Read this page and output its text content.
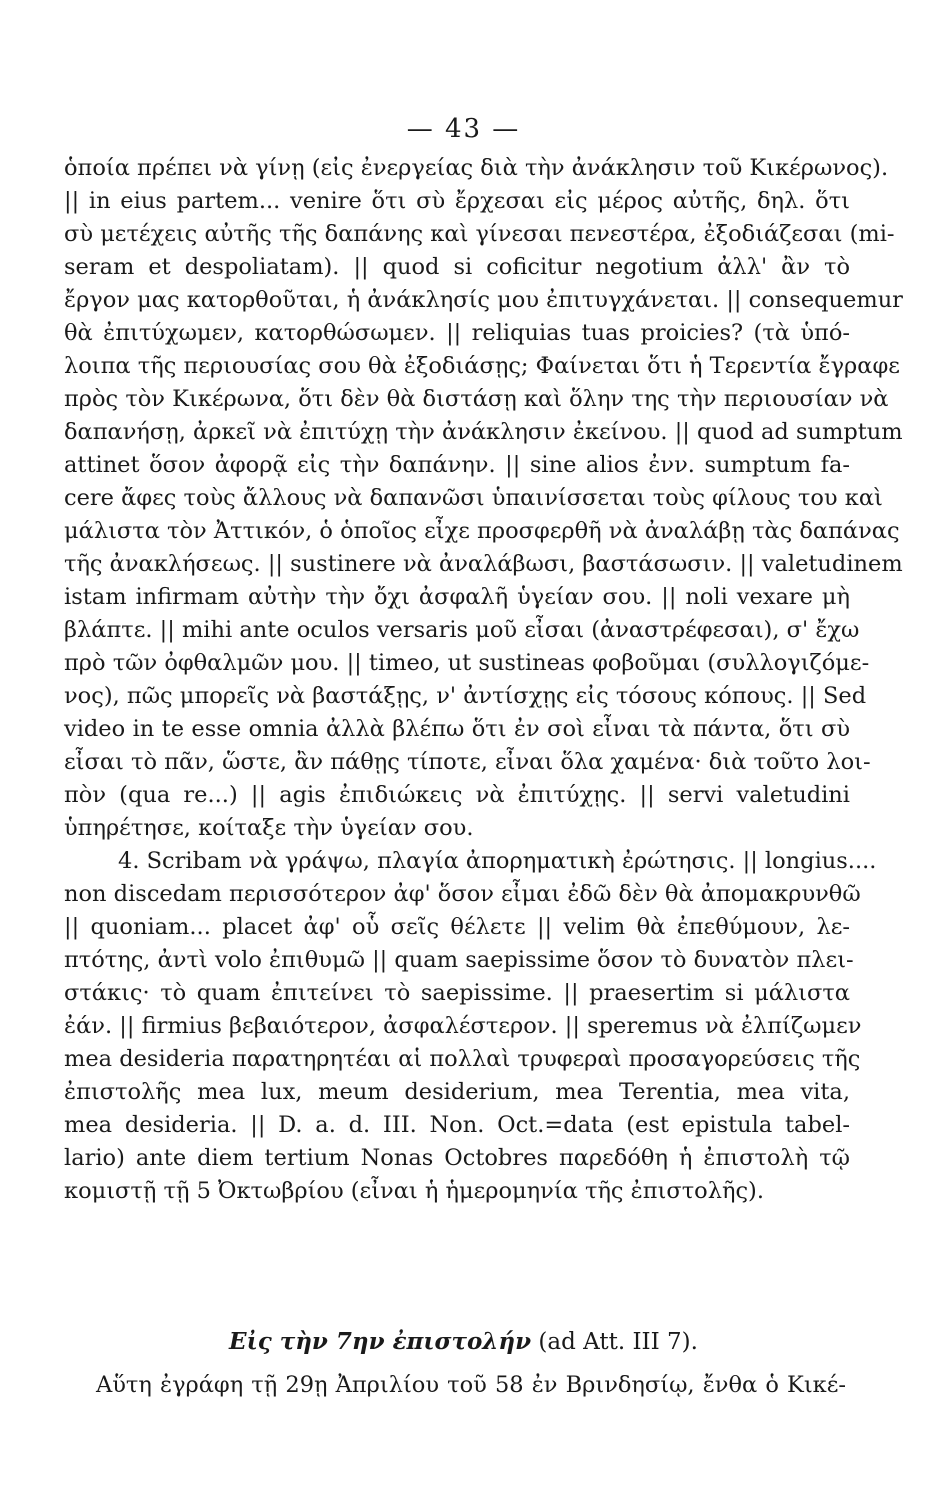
— 43 —
ὁποία πρέπει νὰ γίνῃ (εἰς ἐνεργείας διὰ τὴν ἀνάκλησιν τοῦ Κικέρωνος).
|| in eius partem... venire ὅτι σὺ ἔρχεσαι εἰς μέρος αὐτῆς, δηλ. ὅτι
σὺ μετέχεις αὐτῆς τῆς δαπάνης καὶ γίνεσαι πενεστέρα, ἐξοδιάζεσαι (mi-
seram et despoliatam). || quod si coficitur negotium ἀλλ' ἂν τὸ
ἔργον μας κατορθοῦται, ἡ ἀνάκλησίς μου ἐπιτυγχάνεται. || consequemur
θὰ ἐπιτύχωμεν, κατορθώσωμεν. || reliquias tuas proicies? (τὰ ὑπό-
λοιπα τῆς περιουσίας σου θὰ ἐξοδιάσῃς; Φαίνεται ὅτι ἡ Τερεντία ἔγραφε
πρὸς τὸν Κικέρωνα, ὅτι δὲν θὰ διστάσῃ καὶ ὅλην της τὴν περιουσίαν νὰ
δαπανήσῃ, ἀρκεῖ νὰ ἐπιτύχῃ τὴν ἀνάκλησιν ἐκείνου. || quod ad sumptum
attinet ὅσον ἀφορᾷ εἰς τὴν δαπάνην. || sine alios ἐνν. sumptum fa-
cere ἄφες τοὺς ἄλλους νὰ δαπανῶσι ὑπαινίσσεται τοὺς φίλους του καὶ
μάλιστα τὸν Ἀττικόν, ὁ ὁποῖος εἶχε προσφερθῆ νὰ ἀναλάβῃ τὰς δαπάνας
τῆς ἀνακλήσεως. || sustinere νὰ ἀναλάβωσι, βαστάσωσιν. || valetudinem
istam infirmam αὐτὴν τὴν ὄχι ἀσφαλῆ ὑγείαν σου. || noli vexare μὴ
βλάπτε. || mihi ante oculos versaris μοῦ εἶσαι (ἀναστρέφεσαι), σ' ἔχω
πρὸ τῶν ὀφθαλμῶν μου. || timeo, ut sustineas φοβοῦμαι (συλλογιζόμε-
νος), πῶς μπορεῖς νὰ βαστάξῃς, ν' ἀντίσχῃς εἰς τόσους κόπους. || Sed
video in te esse omnia ἀλλὰ βλέπω ὅτι ἐν σοὶ εἶναι τὰ πάντα, ὅτι σὺ
εἶσαι τὸ πᾶν, ὥστε, ἂν πάθῃς τίποτε, εἶναι ὅλα χαμένα· διὰ τοῦτο λοι-
πὸν (qua re...) || agis ἐπιδιώκεις νὰ ἐπιτύχῃς. || servi valetudini
ὑπηρέτησε, κοίταξε τὴν ὑγείαν σου.
4. Scribam νὰ γράψω, πλαγία ἀπορηματικὴ ἐρώτησις. || longius....
non discedam περισσότερον ἀφ' ὅσον εἶμαι ἐδῶ δὲν θὰ ἀπομακρυνθῶ
|| quoniam... placet ἀφ' οὗ σεῖς θέλετε || velim θὰ ἐπεθύμουν, λε-
πτότης, ἀντὶ volo ἐπιθυμῶ || quam saepissime ὅσον τὸ δυνατὸν πλει-
στάκις· τὸ quam ἐπιτείνει τὸ saepissime. || praesertim si μάλιστα
ἐάν. || firmius βεβαιότερον, ἀσφαλέστερον. || speremus νὰ ἐλπίζωμεν
mea desideria παρατηρητέαι αἱ πολλαὶ τρυφεραὶ προσαγορεύσεις τῆς
ἐπιστολῆς mea lux, meum desiderium, mea Terentia, mea vita,
mea desideria. || D. a. d. III. Non. Oct.=data (est epistula tabel-
lario) ante diem tertium Nonas Octobres παρεδόθη ἡ ἐπιστολὴ τῷ
κομιστῇ τῇ 5 Ὀκτωβρίου (εἶναι ἡ ἡμερομηνία τῆς ἐπιστολῆς).
Εἰς τὴν 7ην ἐπιστολήν (ad Att. III 7).
Αὕτη ἐγράφη τῇ 29ῃ Ἀπριλίου τοῦ 58 ἐν Βρινδησίῳ, ἔνθα ὁ Κικέ-
